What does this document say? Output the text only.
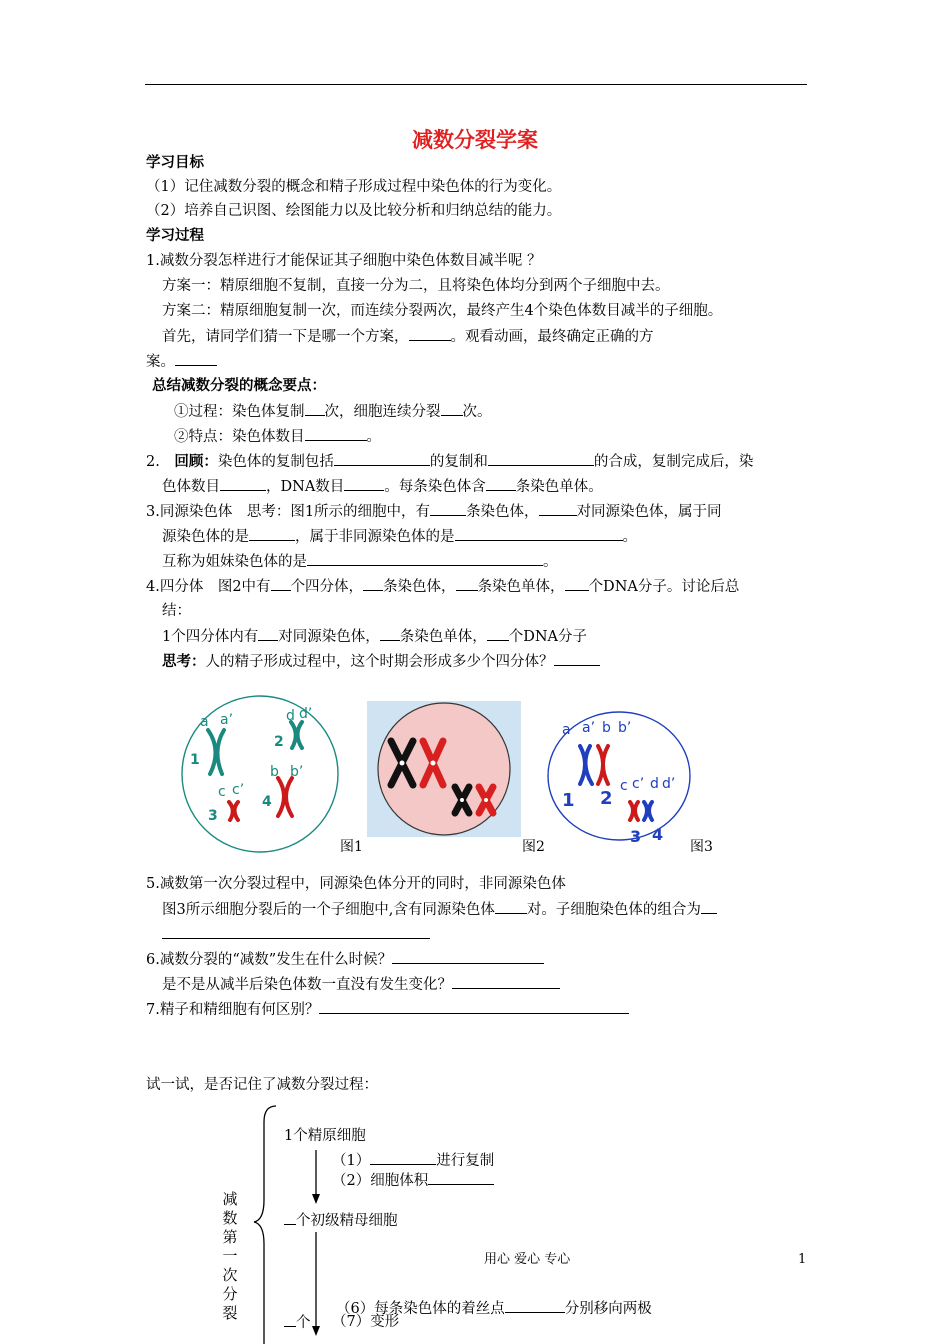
减数分裂学案
学习目标
（1）记住减数分裂的概念和精子形成过程中染色体的行为变化。
（2）培养自己识图、绘图能力以及比较分析和归纳总结的能力。
学习过程
1.减数分裂怎样进行才能保证其子细胞中染色体数目减半呢 ？
方案一：精原细胞不复制，直接一分为二，且将染色体均分到两个子细胞中去。
方案二：精原细胞复制一次，而连续分裂两次，最终产生4个染色体数目减半的子细胞。
首先，请同学们猜一下是哪一个方案，	。观看动画，最终确定正确的方
案。
总结减数分裂的概念要点：
①过程：染色体复制 次，细胞连续分裂 次。
②特点：染色体数目	。
2.　 回顾：染色体的复制包括	的复制和	的合成，复制完成后，染
色体数目	，DNA数目	。每条染色体含 条染色单体。
3.同源染色体　思考：图1所示的细胞中，有 条染色体，	对同源染色体，属于同
源染色体的是	，属于非同源染色体的是	。
互称为姐妹染色体的是	。
4.四分体　图2中有 个四分体， 条染色体， 条染色单体， 个DNA分子。讨论后总
结：
1个四分体内有 对同源染色体， 条染色单体， 个DNA分子
思考：人的精子形成过程中，这个时期会形成多少个四分体？
a a’	d d’
1
2
c c’
b b’
3
4
图1	图2
a a’ b b’
1 2
c c’ d d’
3 4
图3
5.减数第一次分裂过程中，同源染色体分开的同时，非同源染色体
图3所示细胞分裂后的一个子细胞中,含有同源染色体 对。子细胞染色体的组合为
6.减数分裂的“减数”发生在什么时候？
是不是从减半后染色体数一直没有发生变化？
7.精子和精细胞有何区别？
试一试，是否记住了减数分裂过程：
减
数
第
一
次
分
裂
1个精原细胞
（1）	进行复制
（2）细胞体积
个初级精母细胞
用心 爱心 专心	1
（6）每条染色体的着丝点	分别移向两极
个 （7）变形
